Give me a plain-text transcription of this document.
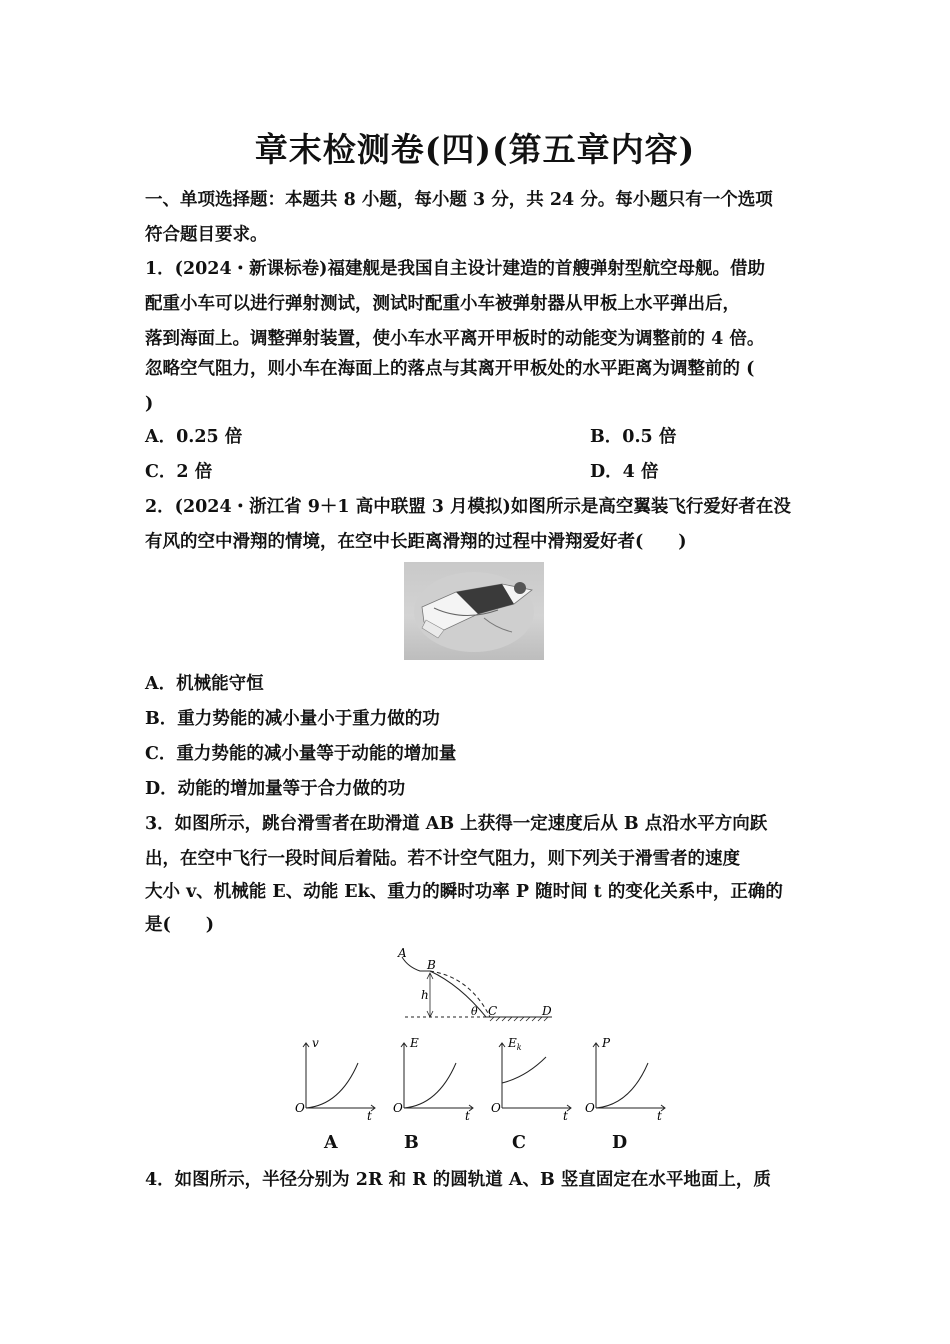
章末检测卷(四)(第五章内容)
一、单项选择题：本题共 8 小题，每小题 3 分，共 24 分。每小题只有一个选项
符合题目要求。
1．(2024・新课标卷)福建舰是我国自主设计建造的首艘弹射型航空母舰。借助
配重小车可以进行弹射测试，测试时配重小车被弹射器从甲板上水平弹出后，
落到海面上。调整弹射装置，使小车水平离开甲板时的动能变为调整前的 4 倍。
忽略空气阻力，则小车在海面上的落点与其离开甲板处的水平距离为调整前的 (
)
A．0.25 倍	B．0.5 倍
C．2 倍	D．4 倍
2．(2024・浙江省 9＋1 高中联盟 3 月模拟)如图所示是高空翼装飞行爱好者在没
有风的空中滑翔的情境，在空中长距离滑翔的过程中滑翔爱好者(　　)
A．机械能守恒
B．重力势能的减小量小于重力做的功
C．重力势能的减小量等于动能的增加量
D．动能的增加量等于合力做的功
3．如图所示，跳台滑雪者在助滑道 AB 上获得一定速度后从 B 点沿水平方向跃
出，在空中飞行一段时间后着陆。若不计空气阻力，则下列关于滑雪者的速度
大小 v、机械能 E、动能 Ek、重力的瞬时功率 P 随时间 t 的变化关系中，正确的
是(　　)
A
B
h
θ C	D
v
t
O
E
t
O
$E_k$
t
O
P
t
O
A	B	C	D
4．如图所示，半径分别为 2R 和 R 的圆轨道 A、B 竖直固定在水平地面上，质
